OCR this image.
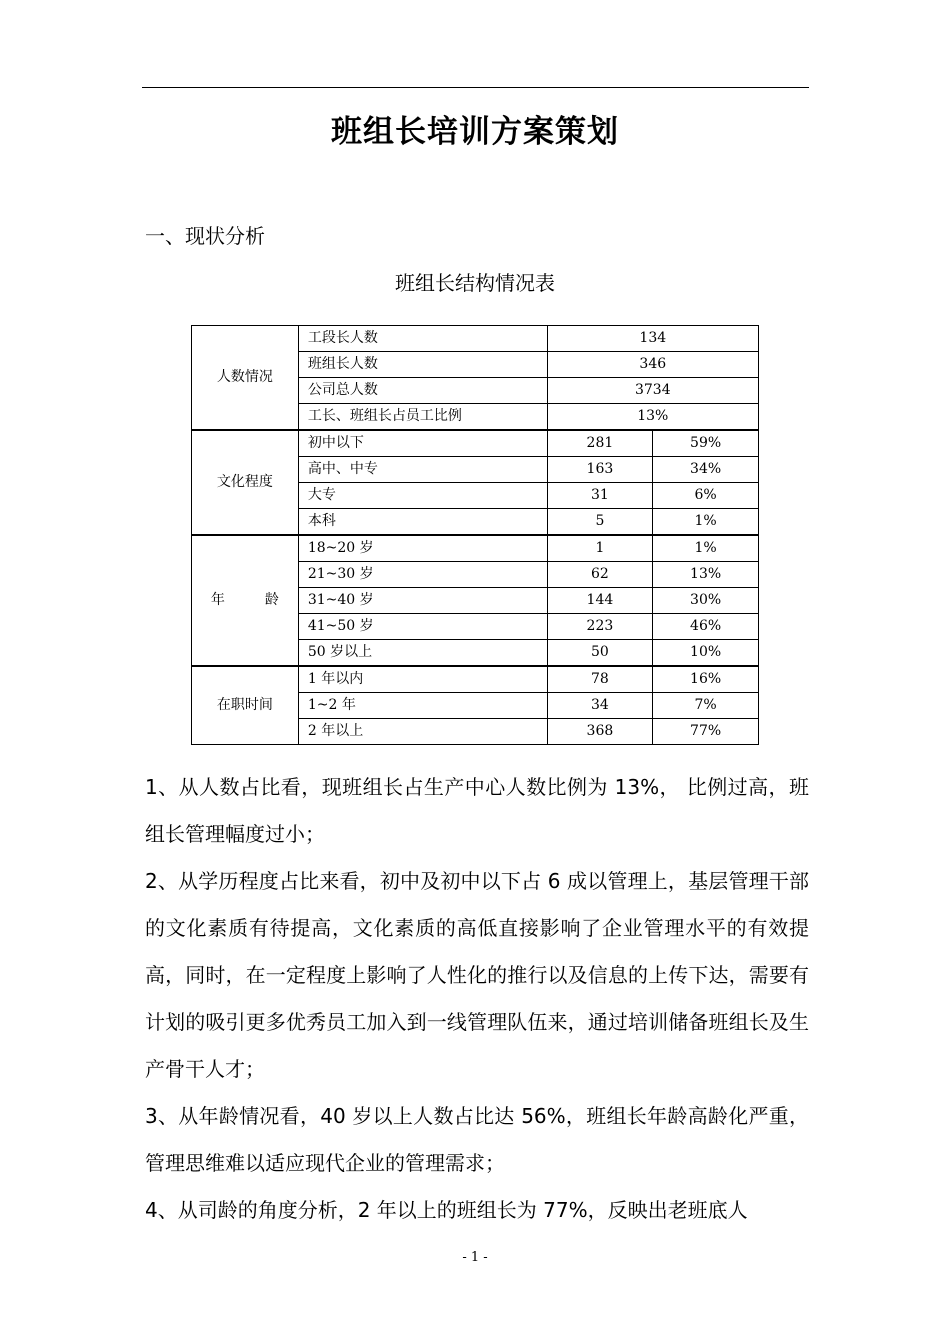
班组长培训方案策划
一、现状分析
班组长结构情况表
人数情况	工段长人数	134	
	班组长人数	346	
	公司总人数	3734	
	工长、班组长占员工比例	13%	
文化程度	初中以下	281	59%
	高中、中专	163	34%
	大专	31	6%
	本科	5	1%
年 龄	18~20 岁	1	1%
	21~30 岁	62	13%
	31~40 岁	144	30%
	41~50 岁	223	46%
	50 岁以上	50	10%
在职时间	1 年以内	78	16%
	1~2 年	34	7%
	2 年以上	368	77%

1、从人数占比看，现班组长占生产中心人数比例为 13%， 比例过高，班组长管理幅度过小；

2、从学历程度占比来看，初中及初中以下占 6 成以管理上，基层管理干部的文化素质有待提高，文化素质的高低直接影响了企业管理水平的有效提高，同时，在一定程度上影响了人性化的推行以及信息的上传下达，需要有计划的吸引更多优秀员工加入到一线管理队伍来，通过培训储备班组长及生产骨干人才；

3、从年龄情况看，40 岁以上人数占比达 56%，班组长年龄高龄化严重，管理思维难以适应现代企业的管理需求；

4、从司龄的角度分析，2 年以上的班组长为 77%，反映出老班底人

- 1 -
